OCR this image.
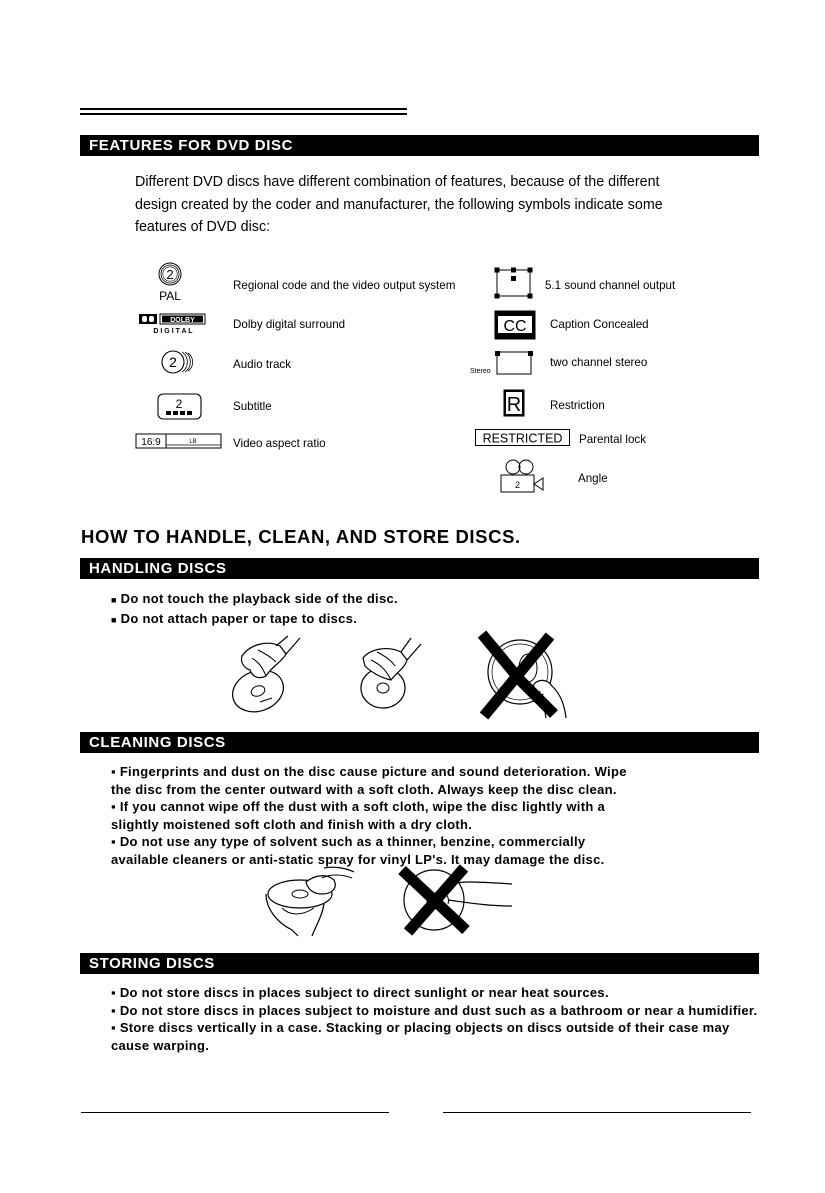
FEATURES FOR DVD DISC
Different DVD discs have different combination of features, because of the different
design created by the coder and manufacturer, the following symbols indicate some
features of DVD disc:
2
PAL
Regional code and the video output system
DOLBY
D I G I T A L
Dolby digital surround
2	Audio track
2	Subtitle
16:9	LB	Video aspect ratio
5.1 sound channel output
CC Caption Concealed
Stereo
two channel stereo
R Restriction
RESTRICTED Parental lock
2	Angle
HOW TO HANDLE, CLEAN, AND STORE DISCS.
HANDLING DISCS
■ Do not touch the playback side of the disc.
■ Do not attach paper or tape to discs.
CLEANING DISCS
▪ Fingerprints and dust on the disc cause picture and sound deterioration. Wipe
the disc from the center outward with a soft cloth. Always keep the disc clean.
▪ If you cannot wipe off the dust with a soft cloth, wipe the disc lightly with a
slightly moistened soft cloth and finish with a dry cloth.
▪ Do not use any type of solvent such as a thinner, benzine, commercially
available cleaners or anti-static spray for vinyl LP's. It may damage the disc.
STORING DISCS
▪ Do not store discs in places subject to direct sunlight or near heat sources.
▪ Do not store discs in places subject to moisture and dust such as a bathroom or near a humidifier.
▪ Store discs vertically in a case. Stacking or placing objects on discs outside of their case may
cause warping.
